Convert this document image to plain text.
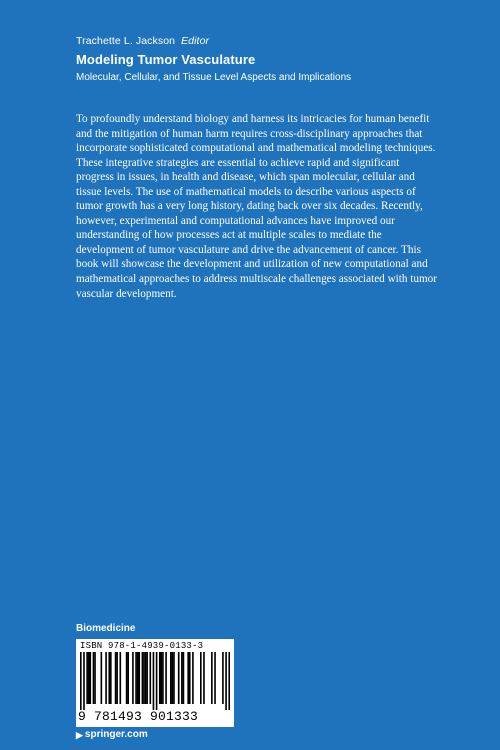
Trachette L. Jackson Editor
Modeling Tumor Vasculature
Molecular, Cellular, and Tissue Level Aspects and Implications
To profoundly understand biology and harness its intricacies for human benefit and the mitigation of human harm requires cross-disciplinary approaches that incorporate sophisticated computational and mathematical modeling techniques. These integrative strategies are essential to achieve rapid and significant progress in issues, in health and disease, which span molecular, cellular and tissue levels. The use of mathematical models to describe various aspects of tumor growth has a very long history, dating back over six decades. Recently, however, experimental and computational advances have improved our understanding of how processes act at multiple scales to mediate the development of tumor vasculature and drive the advancement of cancer. This book will showcase the development and utilization of new computational and mathematical approaches to address multiscale challenges associated with tumor vascular development.
Biomedicine
ISBN 978-1-4939-0133-3
9 781493 901333
▶ springer.com
